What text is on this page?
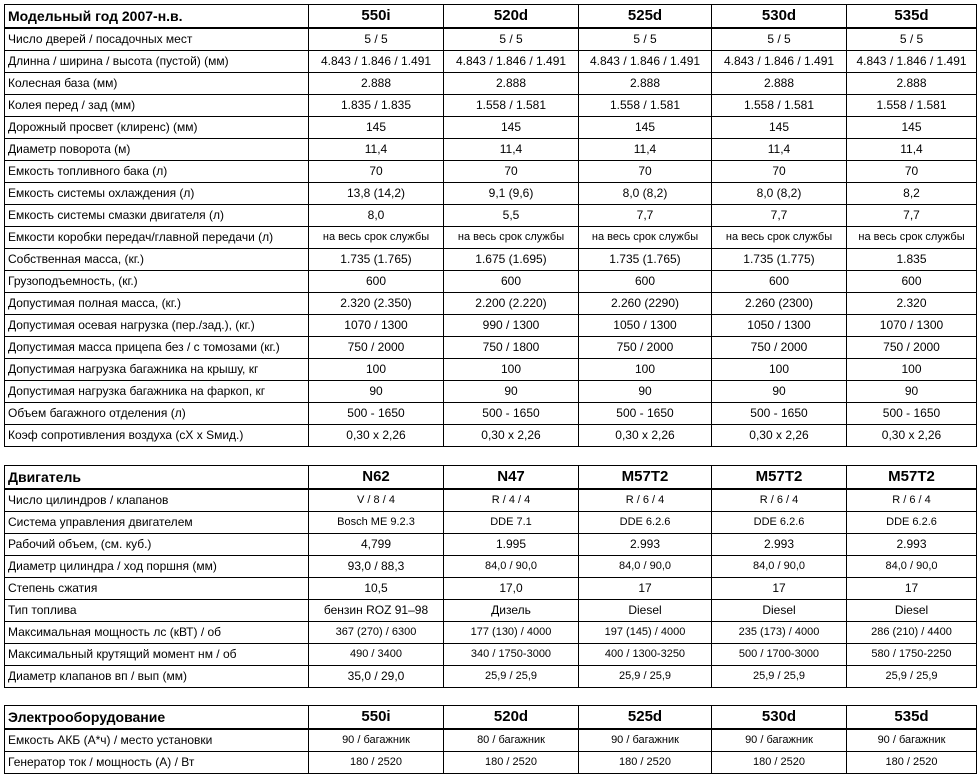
Модельный год 2007-н.в.	550i	520d	525d	530d	535d
Число дверей / посадочных мест	5 / 5	5 / 5	5 / 5	5 / 5	5 / 5
Длинна / ширина / высота (пустой) (мм)	4.843 / 1.846 / 1.491	4.843 / 1.846 / 1.491	4.843 / 1.846 / 1.491	4.843 / 1.846 / 1.491	4.843 / 1.846 / 1.491
Колесная база (мм)	2.888	2.888	2.888	2.888	2.888
Колея перед / зад (мм)	1.835 / 1.835	1.558 / 1.581	1.558 / 1.581	1.558 / 1.581	1.558 / 1.581
Дорожный просвет (клиренс) (мм)	145	145	145	145	145
Диаметр поворота (м)	11,4	11,4	11,4	11,4	11,4
Емкость топливного бака (л)	70	70	70	70	70
Емкость системы охлаждения (л)	13,8 (14,2)	9,1 (9,6)	8,0 (8,2)	8,0 (8,2)	8,2
Емкость системы смазки двигателя (л)	8,0	5,5	7,7	7,7	7,7
Емкости коробки передач/главной передачи (л)	на весь срок службы	на весь срок службы	на весь срок службы	на весь срок службы	на весь срок службы
Собственная масса, (кг.)	1.735 (1.765)	1.675 (1.695)	1.735 (1.765)	1.735 (1.775)	1.835
Грузоподъемность, (кг.)	600	600	600	600	600
Допустимая полная масса, (кг.)	2.320 (2.350)	2.200 (2.220)	2.260 (2290)	2.260 (2300)	2.320
Допустимая осевая нагрузка (пер./зад.), (кг.)	1070 / 1300	990 / 1300	1050 / 1300	1050 / 1300	1070 / 1300
Допустимая масса прицепа без / с томозами (кг.)	750 / 2000	750 / 1800	750 / 2000	750 / 2000	750 / 2000
Допустимая нагрузка багажника на крышу, кг	100	100	100	100	100
Допустимая нагрузка багажника на фаркоп, кг	90	90	90	90	90
Объем багажного отделения (л)	500 - 1650	500 - 1650	500 - 1650	500 - 1650	500 - 1650
Коэф сопротивления воздуха (cX x Sмид.)	0,30 x 2,26	0,30 x 2,26	0,30 x 2,26	0,30 x 2,26	0,30 x 2,26
Двигатель	N62	N47	M57T2	M57T2	M57T2
Число цилиндров / клапанов	V / 8 / 4	R / 4 / 4	R / 6 / 4	R / 6 / 4	R / 6 / 4
Система управления двигателем	Bosch ME 9.2.3	DDE 7.1	DDE 6.2.6	DDE 6.2.6	DDE 6.2.6
Рабочий объем, (см. куб.)	4,799	1.995	2.993	2.993	2.993
Диаметр цилиндра / ход поршня (мм)	93,0 / 88,3	84,0 / 90,0	84,0 / 90,0	84,0 / 90,0	84,0 / 90,0
Степень сжатия	10,5	17,0	17	17	17
Тип топлива	бензин ROZ 91–98	Дизель	Diesel	Diesel	Diesel
Максимальная мощность лс (кВТ) / об	367 (270) / 6300	177 (130) / 4000	197 (145) / 4000	235 (173) / 4000	286 (210) / 4400
Максимальный крутящий момент нм / об	490 / 3400	340 / 1750-3000	400 / 1300-3250	500 / 1700-3000	580 / 1750-2250
Диаметр клапанов вп / вып (мм)	35,0 / 29,0	25,9 / 25,9	25,9 / 25,9	25,9 / 25,9	25,9 / 25,9
Электрооборудование	550i	520d	525d	530d	535d
Емкость АКБ (А*ч) / место установки	90 / багажник	80 / багажник	90 / багажник	90 / багажник	90 / багажник
Генератор ток / мощность (А) / Вт	180 / 2520	180 / 2520	180 / 2520	180 / 2520	180 / 2520
